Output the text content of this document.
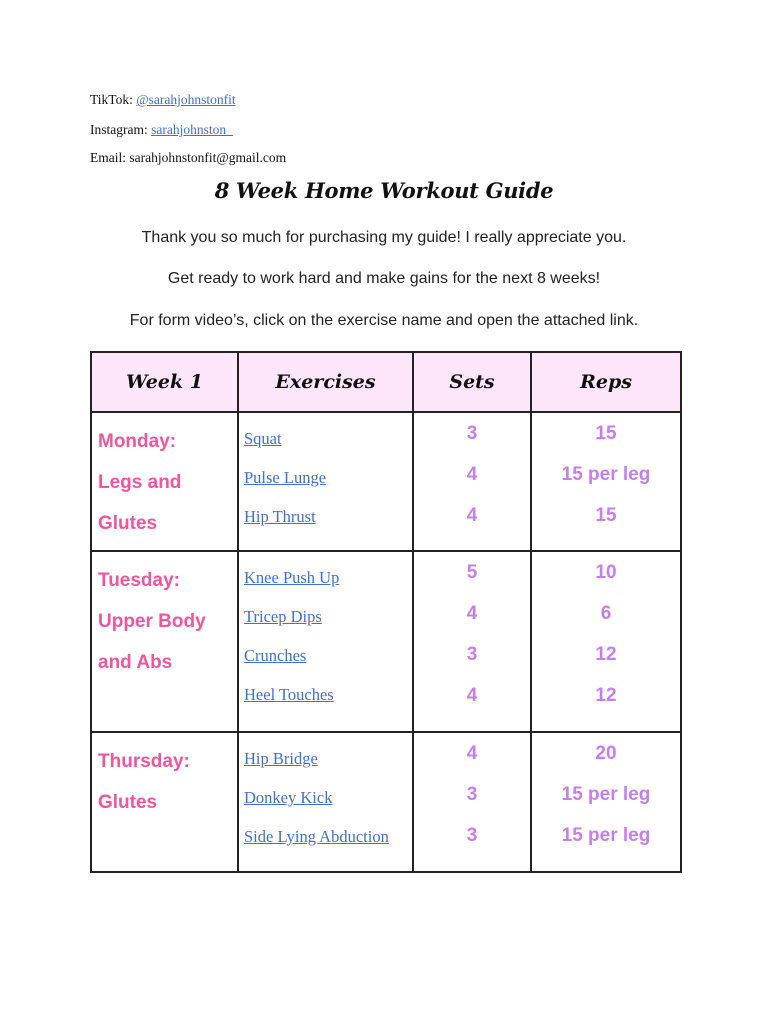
TikTok: @sarahjohnstonfit
Instagram: sarahjohnston_
Email: sarahjohnstonfit@gmail.com
8 Week Home Workout Guide
Thank you so much for purchasing my guide! I really appreciate you.
Get ready to work hard and make gains for the next 8 weeks!
For form video’s, click on the exercise name and open the attached link.
Week 1	Exercises	Sets	Reps

Monday:
Legs and
Glutes	Squat
Pulse Lunge
Hip Thrust	3
4
4	15
15 per leg
15

Tuesday:
Upper Body
and Abs	Knee Push Up
Tricep Dips
Crunches
Heel Touches	5
4
3
4	10
6
12
12

Thursday:
Glutes	Hip Bridge
Donkey Kick
Side Lying Abduction	4
3
3	20
15 per leg
15 per leg
